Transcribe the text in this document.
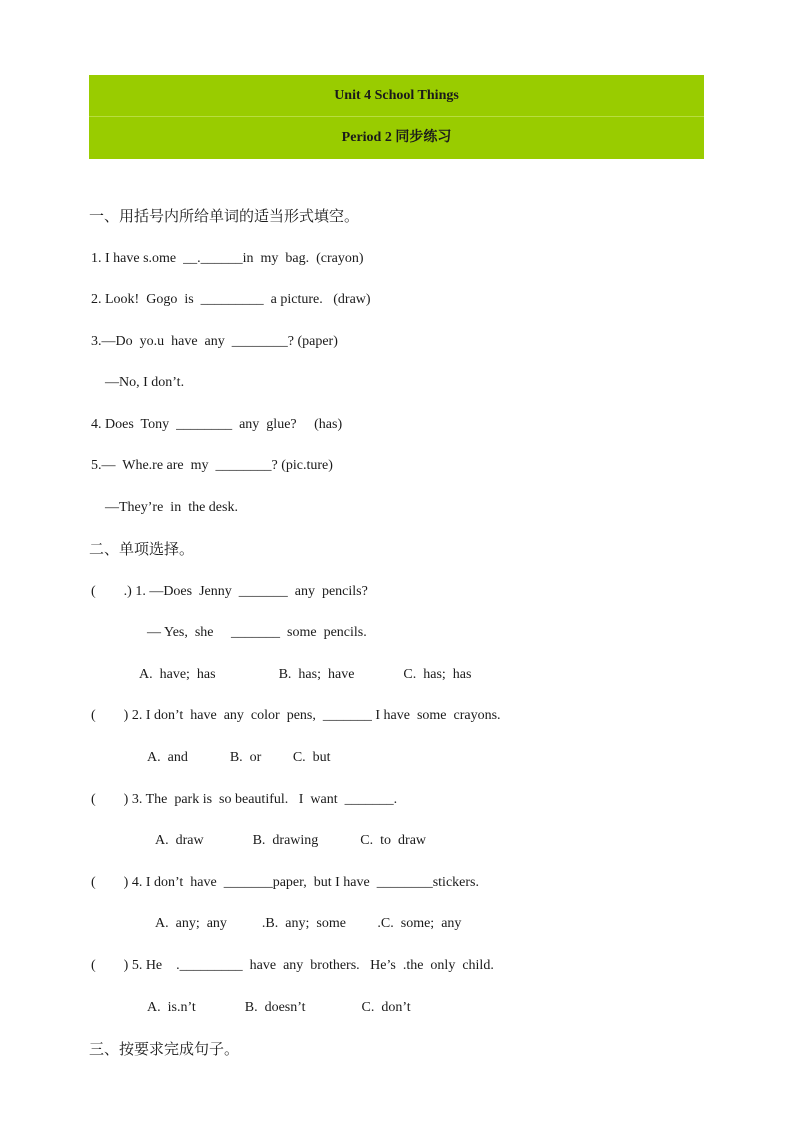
Unit 4 School Things
Period 2 同步练习
一、用括号内所给单词的适当形式填空。
1. I have s.ome  __.______in  my  bag.  (crayon)
2. Look!  Gogo  is  _________  a picture.   (draw)
3.—Do  yo.u  have  any  ________? (paper)
—No, I don’t.
4. Does  Tony  ________  any  glue?     (has)
5.—  Whe.re are  my  ________? (pic.ture)
—They’re  in  the desk.
二、单项选择。
(        .) 1. —Does  Jenny  _______  any  pencils?
— Yes,  she     _______  some  pencils.
A.  have;  has                  B.  has;  have              C.  has;  has
(        ) 2. I don’t  have  any  color  pens,  _______ I have  some  crayons.
A.  and            B.  or         C.  but
(        ) 3. The  park is  so beautiful.   I  want  _______.
A.  draw              B.  drawing            C.  to  draw
(        ) 4. I don’t  have  _______paper,  but I have  ________stickers.
A.  any;  any          .B.  any;  some         .C.  some;  any
(        ) 5. He    ._________  have  any  brothers.   He’s  .the  only  child.
A.  is.n’t              B.  doesn’t                C.  don’t
三、按要求完成句子。
